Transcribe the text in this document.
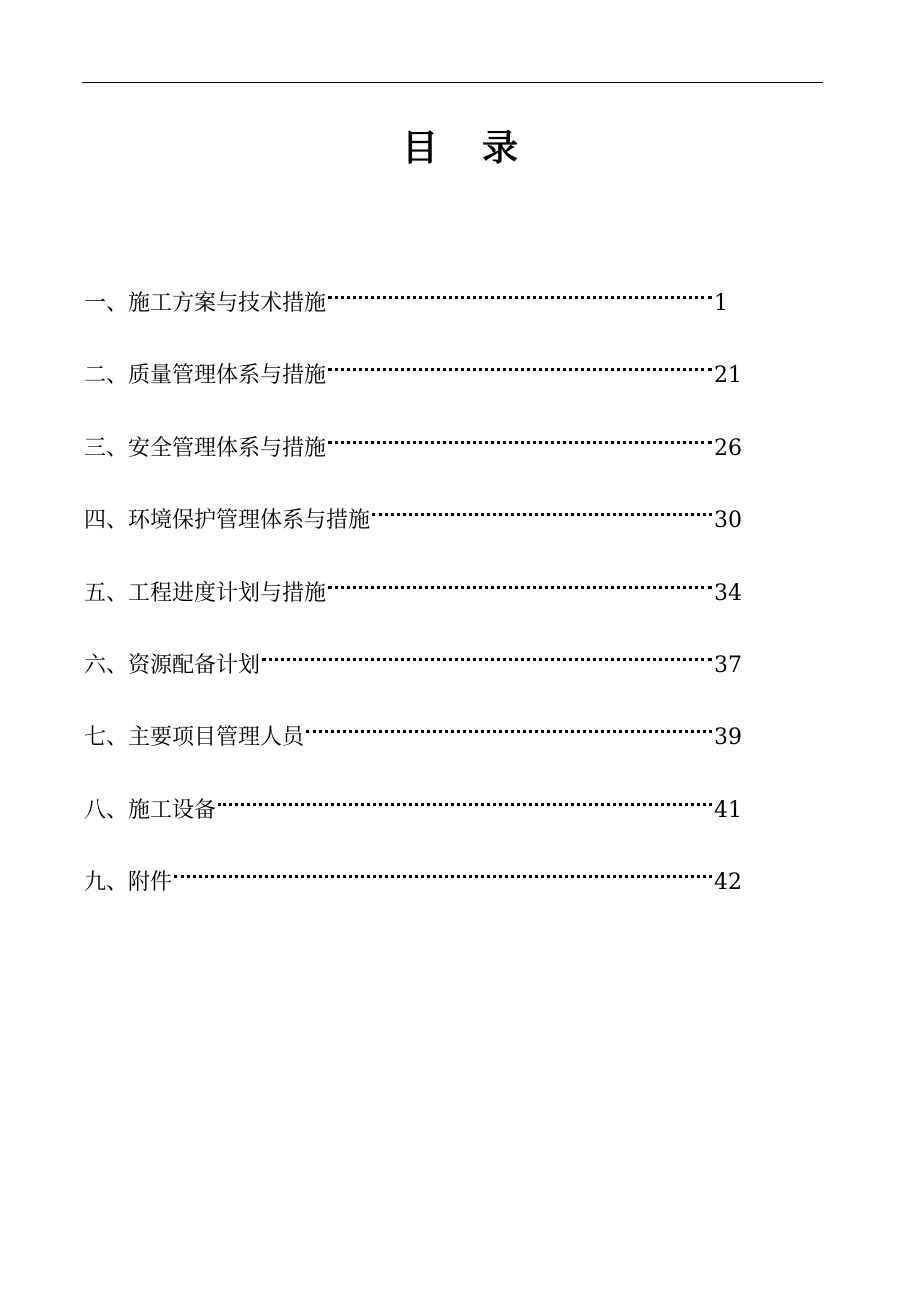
目 录
一、施工方案与技术措施	1
二、质量管理体系与措施	21
三、安全管理体系与措施	26
四、环境保护管理体系与措施	30
五、工程进度计划与措施	34
六、资源配备计划	37
七、主要项目管理人员	39
八、施工设备	41
九、附件	42
